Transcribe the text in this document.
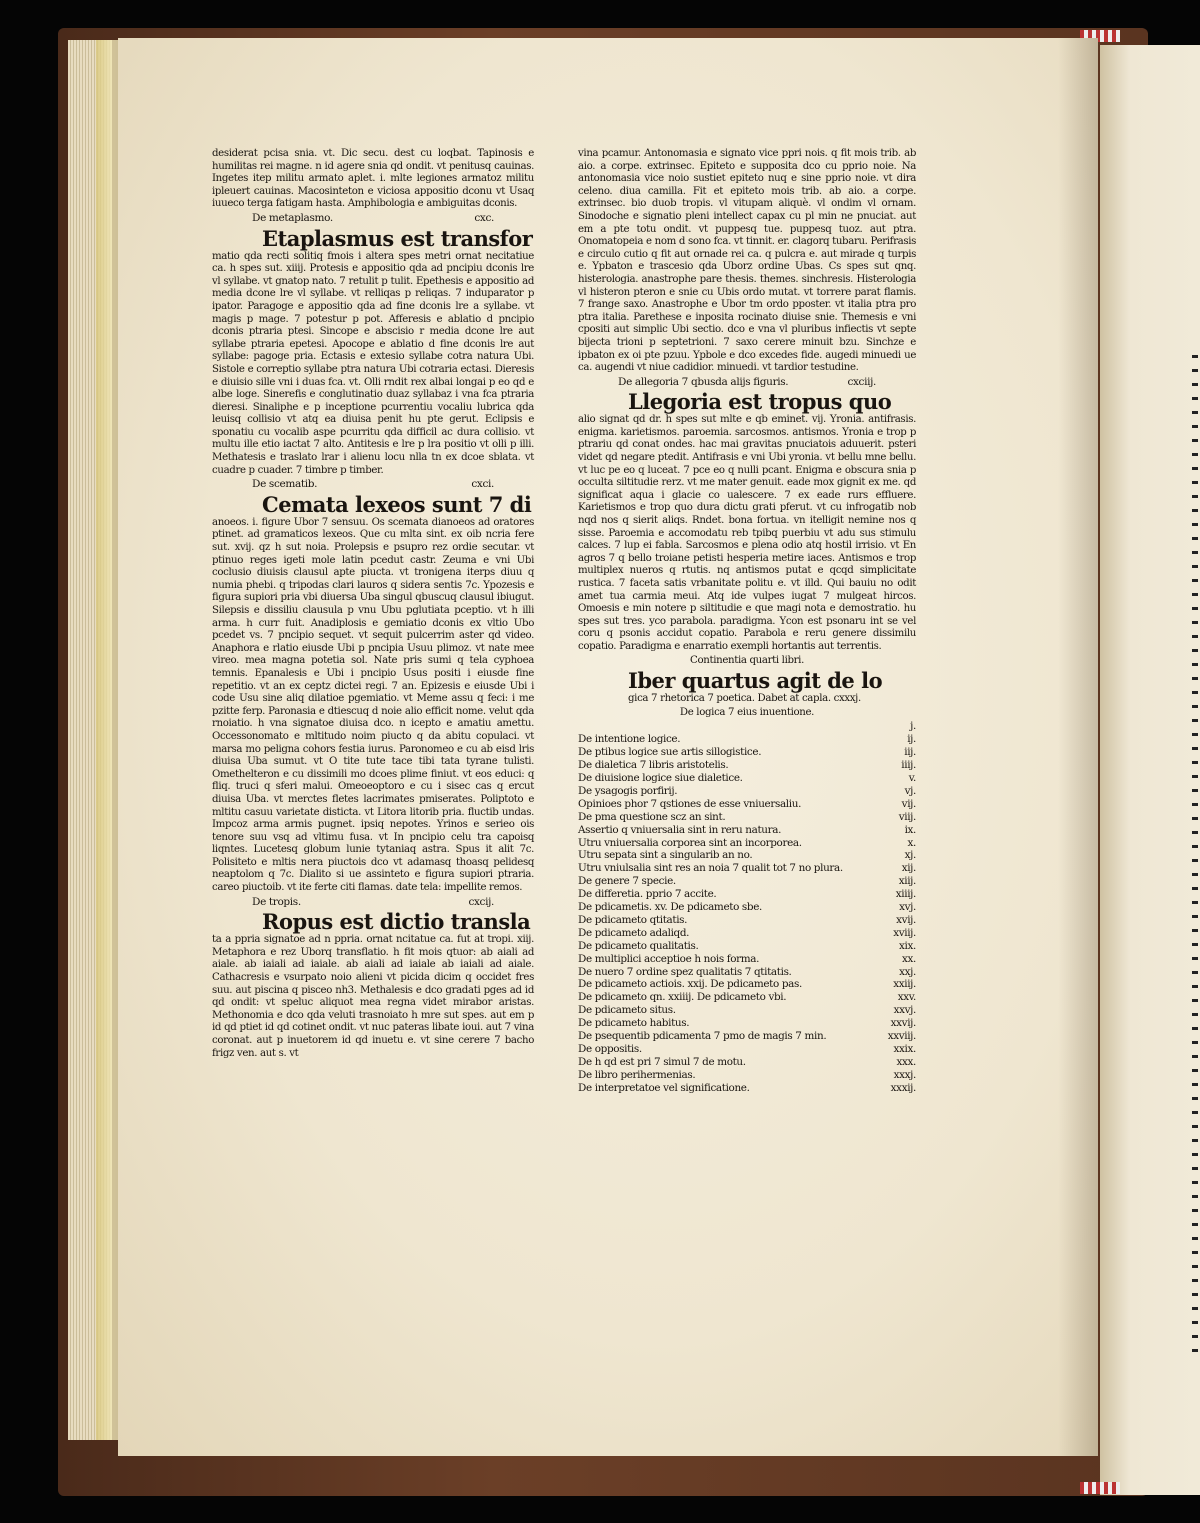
desiderat pcisa snia. vt. Dic secu. dest cu loqbat. Tapinosis e humilitas rei magne. n id agere snia qd ondit. vt penitusq cauinas. Ingetes itep militu armato aplet. i. mlte legiones armatoz militu ipleuert cauinas. Macosinteton e viciosa appositio dconu vt Usaq iuueco terga fatigam hasta. Amphibologia e ambiguitas dconis.

De metaplasmo.	cxc.
Etaplasmus est transfor

matio qda recti solitiq fmois i altera spes metri ornat necitatiue ca. h spes sut. xiiij. Protesis e appositio qda ad pncipiu dconis lre vl syllabe. vt gnatop nato. 7 retulit p tulit. Epethesis e appositio ad media dcone lre vl syllabe. vt relliqas p reliqas. 7 induparator p ipator. Paragoge e appositio qda ad fine dconis lre a syllabe. vt magis p mage. 7 potestur p pot. Afferesis e ablatio d pncipio dconis ptraria ptesi. Sincope e abscisio r media dcone lre aut syllabe ptraria epetesi. Apocope e ablatio d fine dconis lre aut syllabe: pagoge pria. Ectasis e extesio syllabe cotra natura Ubi. Sistole e correptio syllabe ptra natura Ubi cotraria ectasi. Dieresis e diuisio sille vni i duas fca. vt. Olli rndit rex albai longai p eo qd e albe loge. Sinerefis e conglutinatio duaz syllabaz i vna fca ptraria dieresi. Sinaliphe e p inceptione pcurrentiu vocaliu lubrica qda leuisq collisio vt atq ea diuisa penit hu pte gerut. Eclipsis e sponatiu cu vocalib aspe pcurritu qda difficil ac dura collisio. vt multu ille etio iactat 7 alto. Antitesis e lre p lra positio vt olli p illi. Methatesis e traslato lrar i alienu locu nlla tn ex dcoe sblata. vt cuadre p cuader. 7 timbre p timber.

De scematib.	cxci.
Cemata lexeos sunt 7 di

anoeos. i. figure Ubor 7 sensuu. Os scemata dianoeos ad oratores ptinet. ad gramaticos lexeos. Que cu mlta sint. ex oib ncria fere sut. xvij. qz h sut noia. Prolepsis e psupro rez ordie secutar. vt ptinuo reges igeti mole latin pcedut castr. Zeuma e vni Ubi coclusio diuisis clausul apte piucta. vt tronigena iterps diuu q numia phebi. q tripodas clari lauros q sidera sentis 7c. Ypozesis e figura supiori pria vbi diuersa Uba singul qbuscuq clausul ibiugut. Silepsis e dissiliu clausula p vnu Ubu pglutiata pceptio. vt h illi arma. h curr fuit. Anadiplosis e gemiatio dconis ex vltio Ubo pcedet vs. 7 pncipio sequet. vt sequit pulcerrim aster qd video. Anaphora e rlatio eiusde Ubi p pncipia Usuu plimoz. vt nate mee vireo. mea magna potetia sol. Nate pris sumi q tela cyphoea temnis. Epanalesis e Ubi i pncipio Usus positi i eiusde fine repetitio. vt an ex ceptz dictei regi. 7 an. Epizesis e eiusde Ubi i code Usu sine aliq dilatioe pgemiatio. vt Meme assu q feci: i me pzitte ferp. Paronasia e dtiescuq d noie alio efficit nome. velut qda rnoiatio. h vna signatoe diuisa dco. n icepto e amatiu amettu. Occessonomato e mltitudo noim piucto q da abitu copulaci. vt marsa mo peligna cohors festia iurus. Paronomeo e cu ab eisd lris diuisa Uba sumut. vt O tite tute tace tibi tata tyrane tulisti. Omethelteron e cu dissimili mo dcoes plime finiut. vt eos educi: q fliq. truci q sferi malui. Omeoeoptoro e cu i sisec cas q ercut diuisa Uba. vt merctes fletes lacrimates pmiserates. Poliptoto e mltitu casuu varietate disticta. vt Litora litorib pria. fluctib undas. Impcoz arma armis pugnet. ipsiq nepotes. Yrinos e serieo ois tenore suu vsq ad vltimu fusa. vt In pncipio celu tra capoisq liqntes. Lucetesq globum lunie tytaniaq astra. Spus it alit 7c. Polisiteto e mltis nera piuctois dco vt adamasq thoasq pelidesq neaptolom q 7c. Dialito si ue assinteto e figura supiori ptraria. careo piuctoib. vt ite ferte citi flamas. date tela: impellite remos.

De tropis.	cxcij.
Ropus est dictio transla

ta a ppria signatoe ad n ppria. ornat ncitatue ca. fut at tropi. xiij. Metaphora e rez Uborq transflatio. h fit mois qtuor: ab aiali ad aiale. ab iaiali ad iaiale. ab aiali ad iaiale ab iaiali ad aiale. Cathacresis e vsurpato noio alieni vt picida dicim q occidet fres suu. aut piscina q pisceo nh3. Methalesis e dco gradati pges ad id qd ondit: vt speluc aliquot mea regna videt mirabor aristas. Methonomia e dco qda veluti trasnoiato h mre sut spes. aut em p id qd ptiet id qd cotinet ondit. vt nuc pateras libate ioui. aut 7 vina coronat. aut p inuetorem id qd inuetu e. vt sine cerere 7 bacho frigz ven. aut s. vt

vina pcamur. Antonomasia e signato vice ppri nois. q fit mois trib. ab aio. a corpe. extrinsec. Epiteto e supposita dco cu pprio noie. Na antonomasia vice noio sustiet epiteto nuq e sine pprio noie. vt dira celeno. diua camilla. Fit et epiteto mois trib. ab aio. a corpe. extrinsec. bio duob tropis. vl vitupam aliquè. vl ondim vl ornam. Sinodoche e signatio pleni intellect capax cu pl min ne pnuciat. aut em a pte totu ondit. vt puppesq tue. puppesq tuoz. aut ptra. Onomatopeia e nom d sono fca. vt tinnit. er. clagorq tubaru. Perifrasis e circulo cutio q fit aut ornade rei ca. q pulcra e. aut mirade q turpis e. Ypbaton e trascesio qda Uborz ordine Ubas. Cs spes sut qnq. histerologia. anastrophe pare thesis. themes. sinchresis. Histerologia vl histeron pteron e snie cu Ubis ordo mutat. vt torrere parat flamis. 7 frange saxo. Anastrophe e Ubor tm ordo pposter. vt italia ptra pro ptra italia. Parethese e inposita rocinato diuise snie. Themesis e vni cpositi aut simplic Ubi sectio. dco e vna vl pluribus infiectis vt septe bijecta trioni p septetrioni. 7 saxo cerere minuit bzu. Sinchze e ipbaton ex oi pte pzuu. Ypbole e dco excedes fide. augedi minuedi ue ca. augendi vt niue cadidior. minuedi. vt tardior testudine.

De allegoria 7 qbusda alijs figuris.	cxciij.
Llegoria est tropus quo

alio signat qd dr. h spes sut mlte e qb eminet. vij. Yronia. antifrasis. enigma. karietismos. paroemia. sarcosmos. antismos. Yronia e trop p ptrariu qd conat ondes. hac mai gravitas pnuciatois aduuerit. psteri videt qd negare ptedit. Antifrasis e vni Ubi yronia. vt bellu mne bellu. vt luc pe eo q luceat. 7 pce eo q nulli pcant. Enigma e obscura snia p occulta siltitudie rerz. vt me mater genuit. eade mox gignit ex me. qd significat aqua i glacie co ualescere. 7 ex eade rurs effluere. Karietismos e trop quo dura dictu grati pferut. vt cu infrogatib nob nqd nos q sierit aliqs. Rndet. bona fortua. vn itelligit nemine nos q sisse. Paroemia e accomodatu reb tpibq puerbiu vt adu sus stimulu calces. 7 lup ei fabla. Sarcosmos e plena odio atq hostil irrisio. vt En agros 7 q bello troiane petisti hesperia metire iaces. Antismos e trop multiplex nueros q rtutis. nq antismos putat e qcqd simplicitate rustica. 7 faceta satis vrbanitate politu e. vt illd. Qui bauiu no odit amet tua carmia meui. Atq ide vulpes iugat 7 mulgeat hircos. Omoesis e min notere p siltitudie e que magi nota e demostratio. hu spes sut tres. yco parabola. paradigma. Ycon est psonaru int se vel coru q psonis accidut copatio. Parabola e reru genere dissimilu copatio. Paradigma e enarratio exempli hortantis aut terrentis.

Continentia quarti libri.
Iber quartus agit de lo

gica 7 rhetorica 7 poetica. Dabet at capla. cxxxj.

De logica 7 eius inuentione.
j.
De intentione logice.	ij.
De ptibus logice sue artis sillogistice.	iij.
De dialetica 7 libris aristotelis.	iiij.
De diuisione logice siue dialetice.	v.
De ysagogis porfirij.	vj.
Opinioes phor 7 qstiones de esse vniuersaliu.	vij.
De pma questione scz an sint.	viij.
Assertio q vniuersalia sint in reru natura.	ix.
Utru vniuersalia corporea sint an incorporea.	x.
Utru sepata sint a singularib an no.	xj.
Utru vniulsalia sint res an noia 7 qualit tot 7 no plura.	xij.
De genere 7 specie.	xiij.
De differetia. pprio 7 accite.	xiiij.
De pdicametis. xv. De pdicameto sbe.	xvj.
De pdicameto qtitatis.	xvij.
De pdicameto adaliqd.	xviij.
De pdicameto qualitatis.	xix.
De multiplici acceptioe h nois forma.	xx.
De nuero 7 ordine spez qualitatis 7 qtitatis.	xxj.
De pdicameto actiois. xxij. De pdicameto pas.	xxiij.
De pdicameto qn. xxiiij. De pdicameto vbi.	xxv.
De pdicameto situs.	xxvj.
De pdicameto habitus.	xxvij.
De psequentib pdicamenta 7 pmo de magis 7 min.	xxviij.
De oppositis.	xxix.
De h qd est pri 7 simul 7 de motu.	xxx.
De libro perihermenias.	xxxj.
De interpretatoe vel significatione.	xxxij.
